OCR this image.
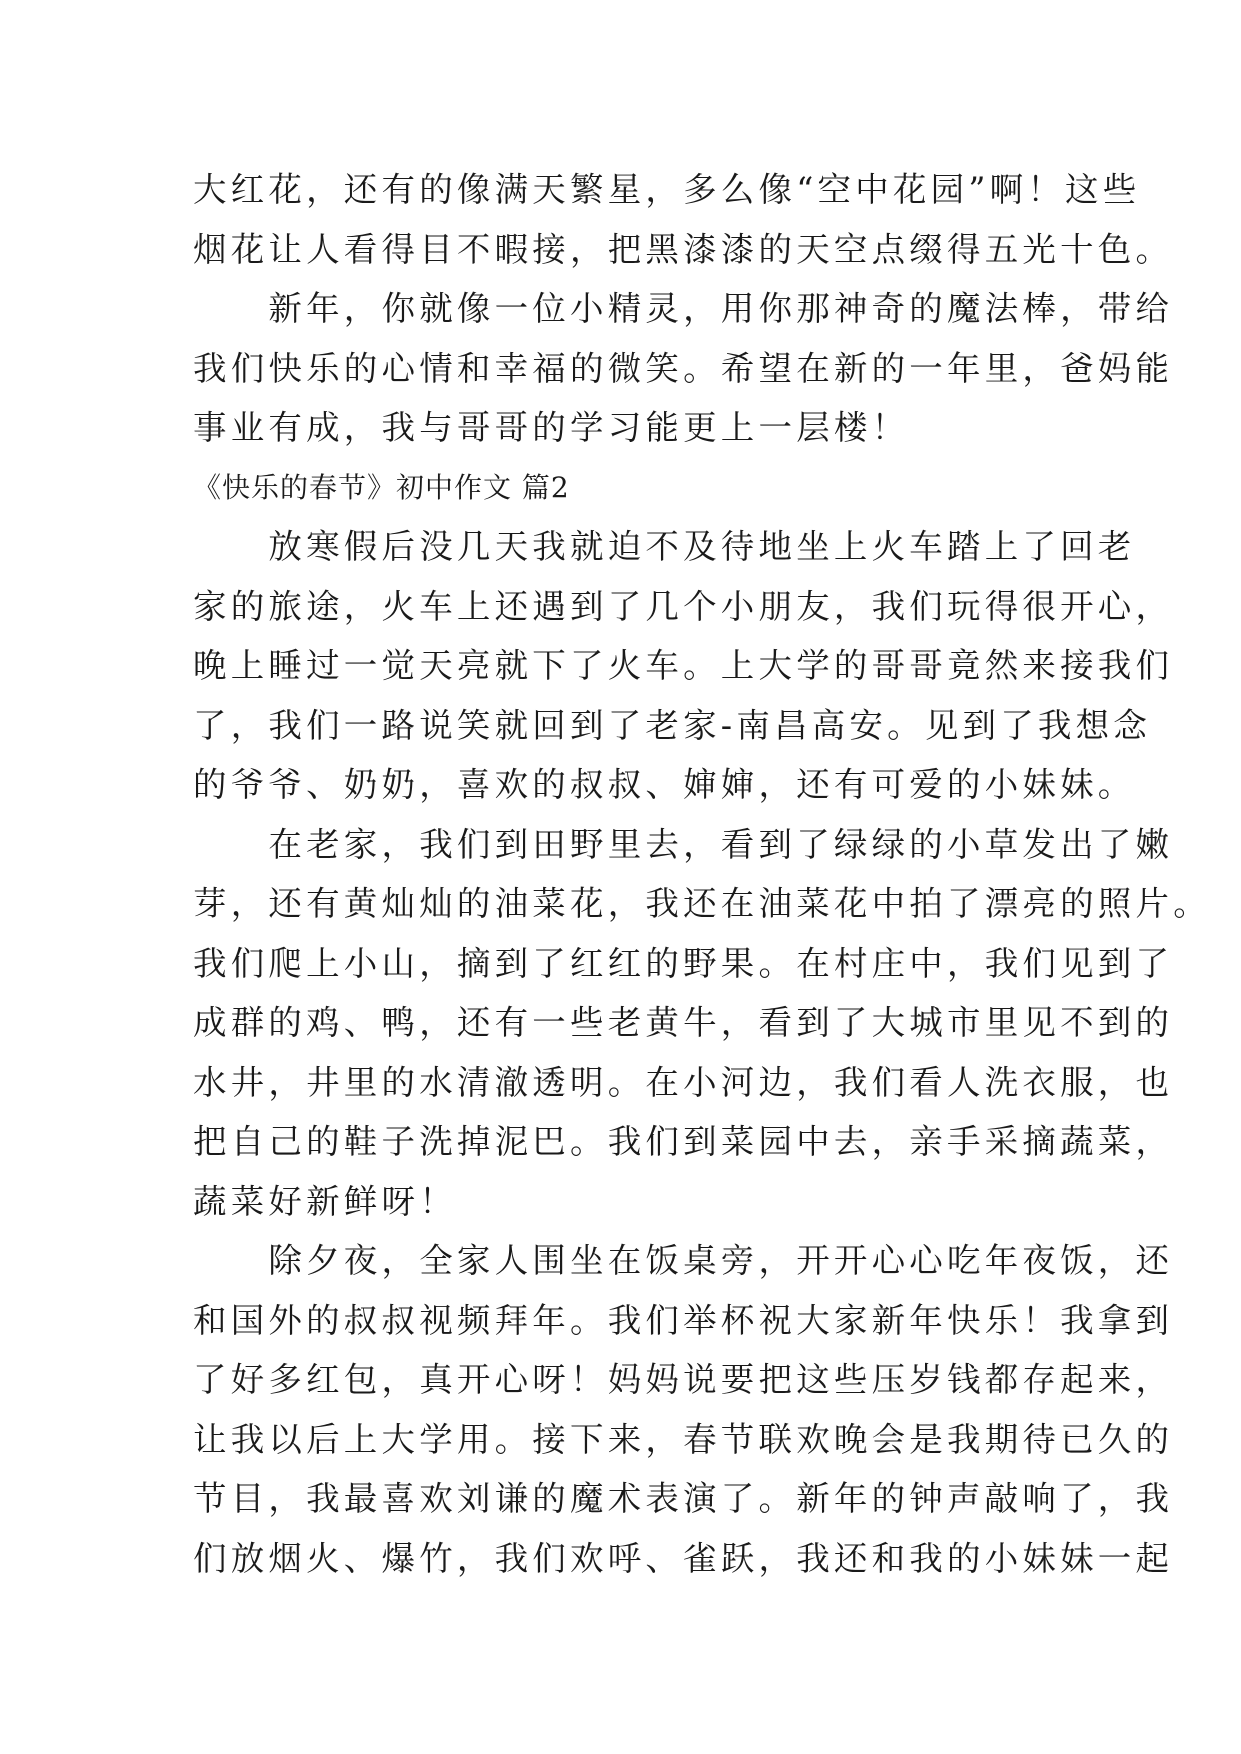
大红花，还有的像满天繁星，多么像“空中花园”啊！这些
烟花让人看得目不暇接，把黑漆漆的天空点缀得五光十色。
　　新年，你就像一位小精灵，用你那神奇的魔法棒，带给
我们快乐的心情和幸福的微笑。希望在新的一年里，爸妈能
事业有成，我与哥哥的学习能更上一层楼！
《快乐的春节》初中作文 篇2
　　放寒假后没几天我就迫不及待地坐上火车踏上了回老
家的旅途，火车上还遇到了几个小朋友，我们玩得很开心，
晚上睡过一觉天亮就下了火车。上大学的哥哥竟然来接我们
了，我们一路说笑就回到了老家-南昌高安。见到了我想念
的爷爷、奶奶，喜欢的叔叔、婶婶，还有可爱的小妹妹。
　　在老家，我们到田野里去，看到了绿绿的小草发出了嫩
芽，还有黄灿灿的油菜花，我还在油菜花中拍了漂亮的照片。
我们爬上小山，摘到了红红的野果。在村庄中，我们见到了
成群的鸡、鸭，还有一些老黄牛，看到了大城市里见不到的
水井，井里的水清澈透明。在小河边，我们看人洗衣服，也
把自己的鞋子洗掉泥巴。我们到菜园中去，亲手采摘蔬菜，
蔬菜好新鲜呀！
　　除夕夜，全家人围坐在饭桌旁，开开心心吃年夜饭，还
和国外的叔叔视频拜年。我们举杯祝大家新年快乐！我拿到
了好多红包，真开心呀！妈妈说要把这些压岁钱都存起来，
让我以后上大学用。接下来，春节联欢晚会是我期待已久的
节目，我最喜欢刘谦的魔术表演了。新年的钟声敲响了，我
们放烟火、爆竹，我们欢呼、雀跃，我还和我的小妹妹一起
